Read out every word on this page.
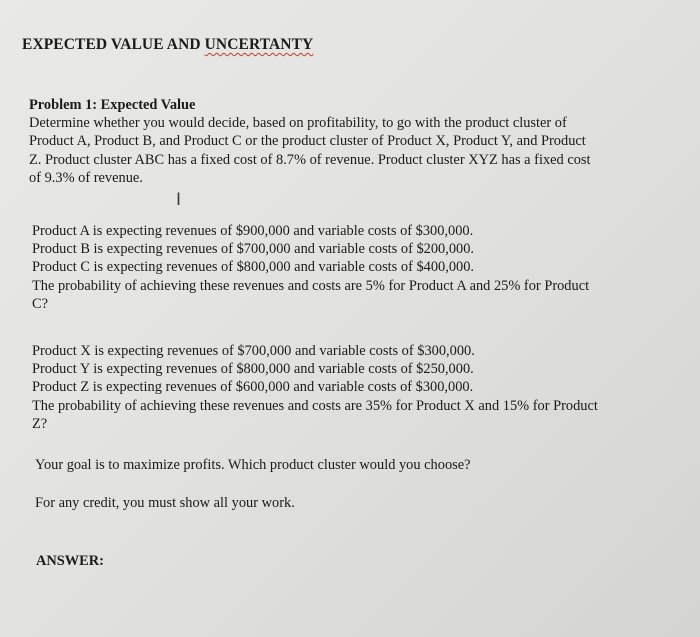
EXPECTED VALUE AND UNCERTANTY
Problem 1: Expected Value
Determine whether you would decide, based on profitability, to go with the product cluster of
Product A, Product B, and Product C or the product cluster of Product X, Product Y, and Product
Z. Product cluster ABC has a fixed cost of 8.7% of revenue. Product cluster XYZ has a fixed cost
of 9.3% of revenue.
I
Product A is expecting revenues of $900,000 and variable costs of $300,000.
Product B is expecting revenues of $700,000 and variable costs of $200,000.
Product C is expecting revenues of $800,000 and variable costs of $400,000.
The probability of achieving these revenues and costs are 5% for Product A and 25% for Product
C?
Product X is expecting revenues of $700,000 and variable costs of $300,000.
Product Y is expecting revenues of $800,000 and variable costs of $250,000.
Product Z is expecting revenues of $600,000 and variable costs of $300,000.
The probability of achieving these revenues and costs are 35% for Product X and 15% for Product
Z?
Your goal is to maximize profits. Which product cluster would you choose?
For any credit, you must show all your work.
ANSWER:
